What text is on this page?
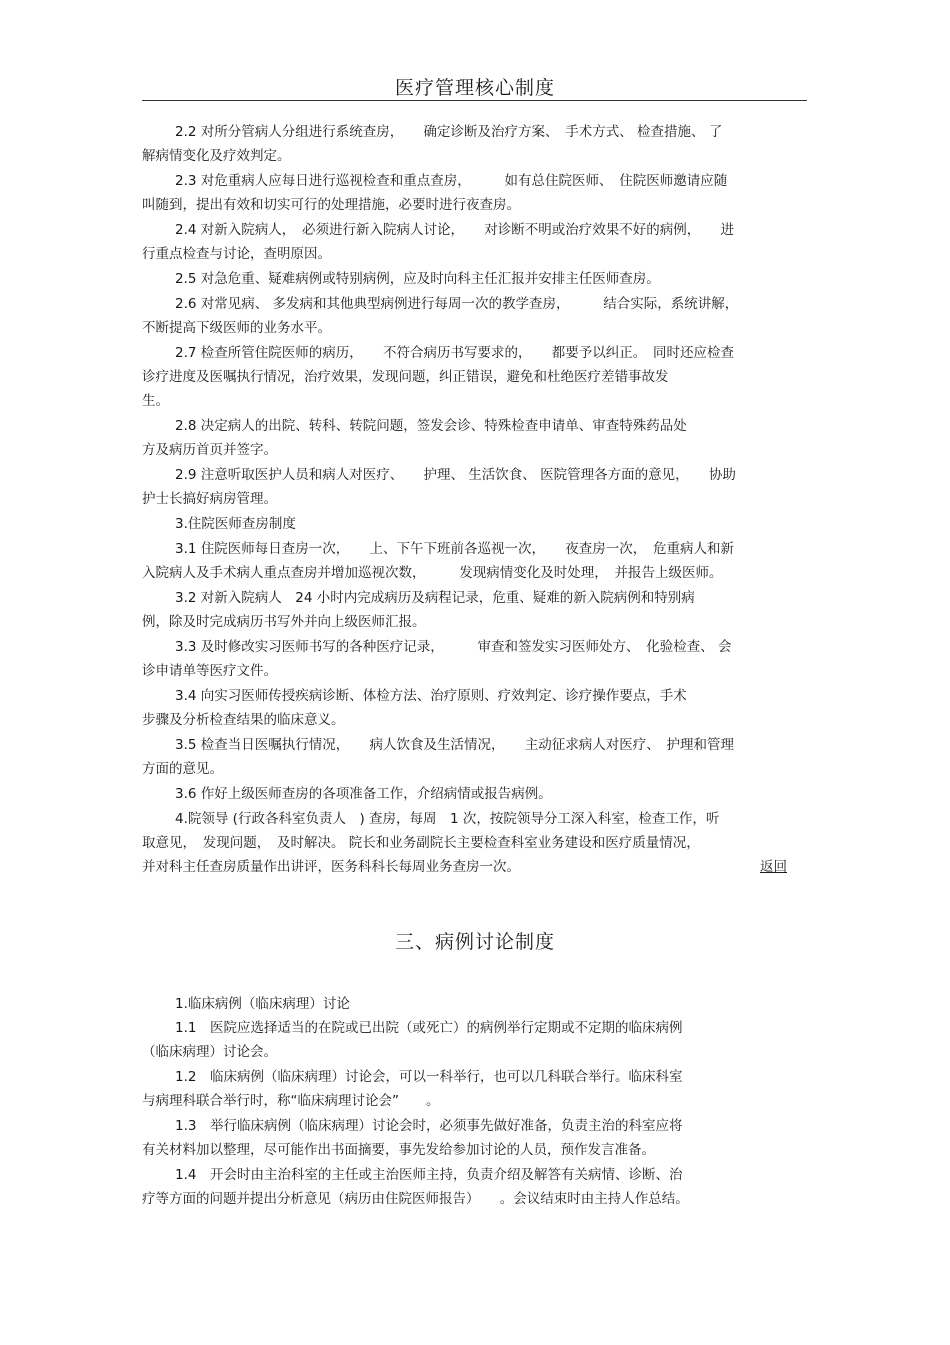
医疗管理核心制度
2.2 对所分管病人分组进行系统查房，　　确定诊断及治疗方案、　手术方式、 检查措施、 了
解病情变化及疗效判定。
2.3 对危重病人应每日进行巡视检查和重点查房，　　　如有总住院医师、　住院医师邀请应随
叫随到，提出有效和切实可行的处理措施，必要时进行夜查房。
2.4 对新入院病人，　必须进行新入院病人讨论，　　对诊断不明或治疗效果不好的病例，　　进
行重点检查与讨论，查明原因。
2.5 对急危重、疑难病例或特别病例，应及时向科主任汇报并安排主任医师查房。
2.6 对常见病、 多发病和其他典型病例进行每周一次的教学查房，　　　结合实际，系统讲解，
不断提高下级医师的业务水平。
2.7 检查所管住院医师的病历，　　不符合病历书写要求的，　　都要予以纠正。　同时还应检查
诊疗进度及医嘱执行情况，治疗效果，发现问题，纠正错误，避免和杜绝医疗差错事故发
生。
2.8 决定病人的出院、转科、转院问题，签发会诊、特殊检查申请单、审查特殊药品处
方及病历首页并签字。
2.9 注意听取医护人员和病人对医疗、　　护理、 生活饮食、 医院管理各方面的意见，　　协助
护士长搞好病房管理。
3.住院医师查房制度
3.1 住院医师每日查房一次，　　上、下午下班前各巡视一次，　　夜查房一次，　危重病人和新
入院病人及手术病人重点查房并增加巡视次数，　　　发现病情变化及时处理，　并报告上级医师。
3.2 对新入院病人　24 小时内完成病历及病程记录，危重、疑难的新入院病例和特别病
例，除及时完成病历书写外并向上级医师汇报。
3.3 及时修改实习医师书写的各种医疗记录，　　　审查和签发实习医师处方、　化验检查、 会
诊申请单等医疗文件。
3.4 向实习医师传授疾病诊断、体检方法、治疗原则、疗效判定、诊疗操作要点，手术
步骤及分析检查结果的临床意义。
3.5 检查当日医嘱执行情况，　　病人饮食及生活情况，　　主动征求病人对医疗、　护理和管理
方面的意见。
3.6 作好上级医师查房的各项准备工作，介绍病情或报告病例。
4.院领导 (行政各科室负责人　) 查房，每周　1 次，按院领导分工深入科室，检查工作，听
取意见，　发现问题，　及时解决。 院长和业务副院长主要检查科室业务建设和医疗质量情况，
并对科主任查房质量作出讲评，医务科科长每周业务查房一次。	返回
三、病例讨论制度
1.临床病例（临床病理）讨论
1.1　医院应选择适当的在院或已出院（或死亡）的病例举行定期或不定期的临床病例
（临床病理）讨论会。
1.2　临床病例（临床病理）讨论会，可以一科举行，也可以几科联合举行。临床科室
与病理科联合举行时，称“临床病理讨论会”　　。
1.3　举行临床病例（临床病理）讨论会时，必须事先做好准备，负责主治的科室应将
有关材料加以整理，尽可能作出书面摘要，事先发给参加讨论的人员，预作发言准备。
1.4　开会时由主治科室的主任或主治医师主持，负责介绍及解答有关病情、诊断、治
疗等方面的问题并提出分析意见（病历由住院医师报告）　　。会议结束时由主持人作总结。
